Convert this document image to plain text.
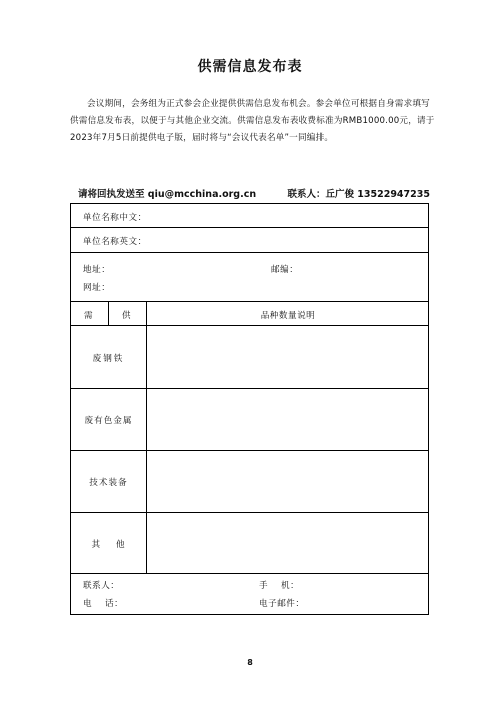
供需信息发布表

会议期间，会务组为正式参会企业提供供需信息发布机会。参会单位可根据自身需求填写供需信息发布表，以便于与其他企业交流。供需信息发布表收费标准为RMB1000.00元，请于2023年7月5日前提供电子版，届时将与“会议代表名单”一同编排。

请将回执发送至 qiu@mcchina.org.cn	联系人：丘广俊 13522947235
单位名称中文：
单位名称英文：
地址：	邮编：
网址：
需	供	品种数量说明
废钢铁
废有色金属
技术装备
其    他
联系人：	手    机：
电    话：	电子邮件：
8
